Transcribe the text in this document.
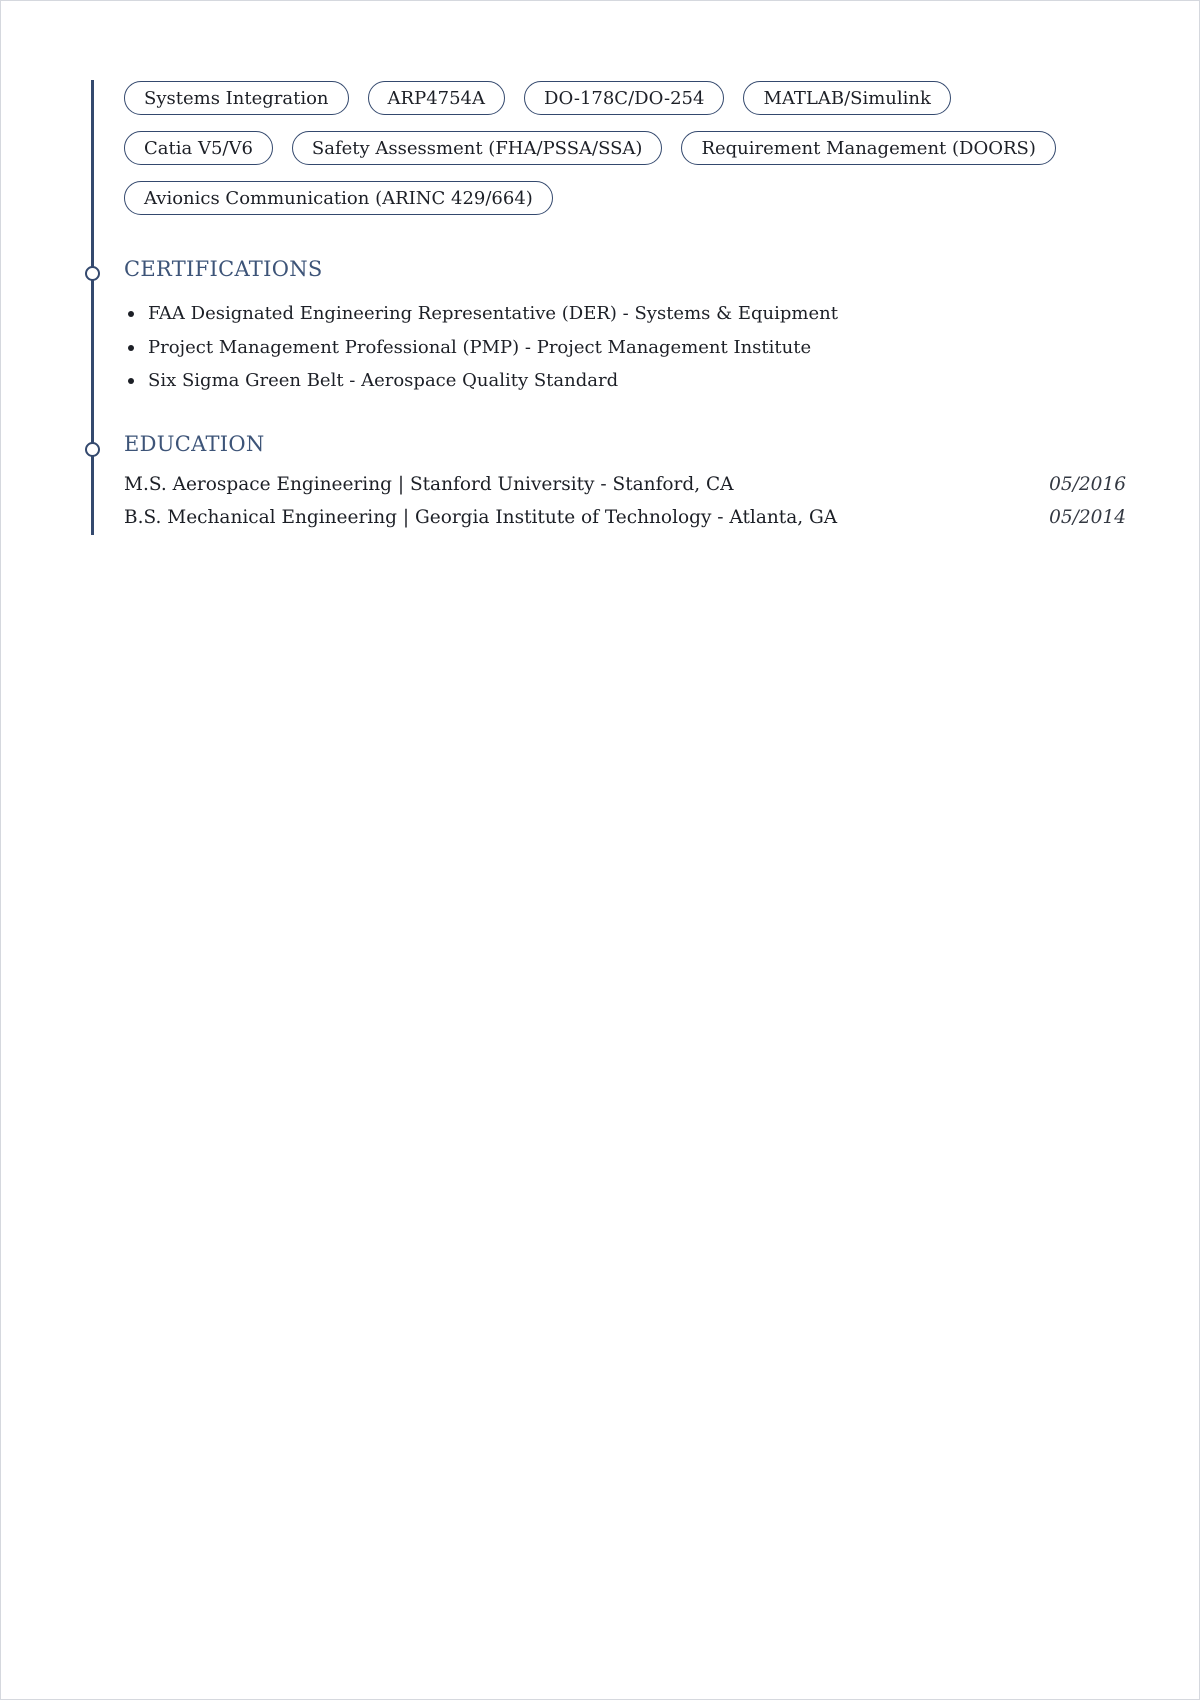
Systems Integration	ARP4754A	DO-178C/DO-254	MATLAB/Simulink
Catia V5/V6	Safety Assessment (FHA/PSSA/SSA)	Requirement Management (DOORS)
Avionics Communication (ARINC 429/664)
CERTIFICATIONS
FAA Designated Engineering Representative (DER) - Systems & Equipment
Project Management Professional (PMP) - Project Management Institute
Six Sigma Green Belt - Aerospace Quality Standard
EDUCATION
M.S. Aerospace Engineering | Stanford University - Stanford, CA	05/2016
B.S. Mechanical Engineering | Georgia Institute of Technology - Atlanta, GA	05/2014
